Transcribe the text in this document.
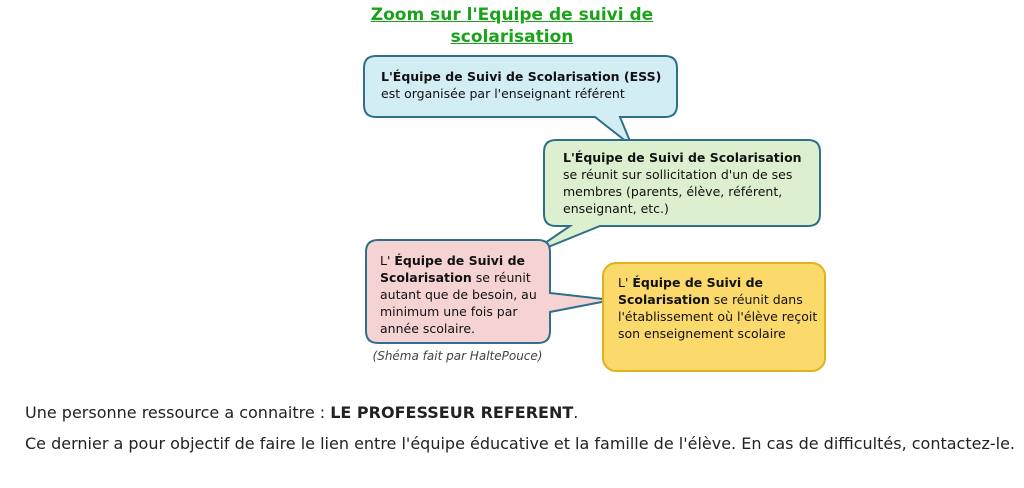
Zoom sur l'Equipe de suivi de
scolarisation
L'Équipe de Suivi de Scolarisation (ESS)
est organisée par l'enseignant référent
L'Équipe de Suivi de Scolarisation
se réunit sur sollicitation d'un de ses membres (parents, élève, référent, enseignant, etc.)
L' Équipe de Suivi de Scolarisation se réunit autant que de besoin, au minimum une fois par année scolaire.
L' Équipe de Suivi de Scolarisation se réunit dans l'établissement où l'élève reçoit son enseignement scolaire
(Shéma fait par HaltePouce)
Une personne ressource a connaitre : LE PROFESSEUR REFERENT.
Ce dernier a pour objectif de faire le lien entre l'équipe éducative et la famille de l'élève. En cas de difficultés, contactez-le.
